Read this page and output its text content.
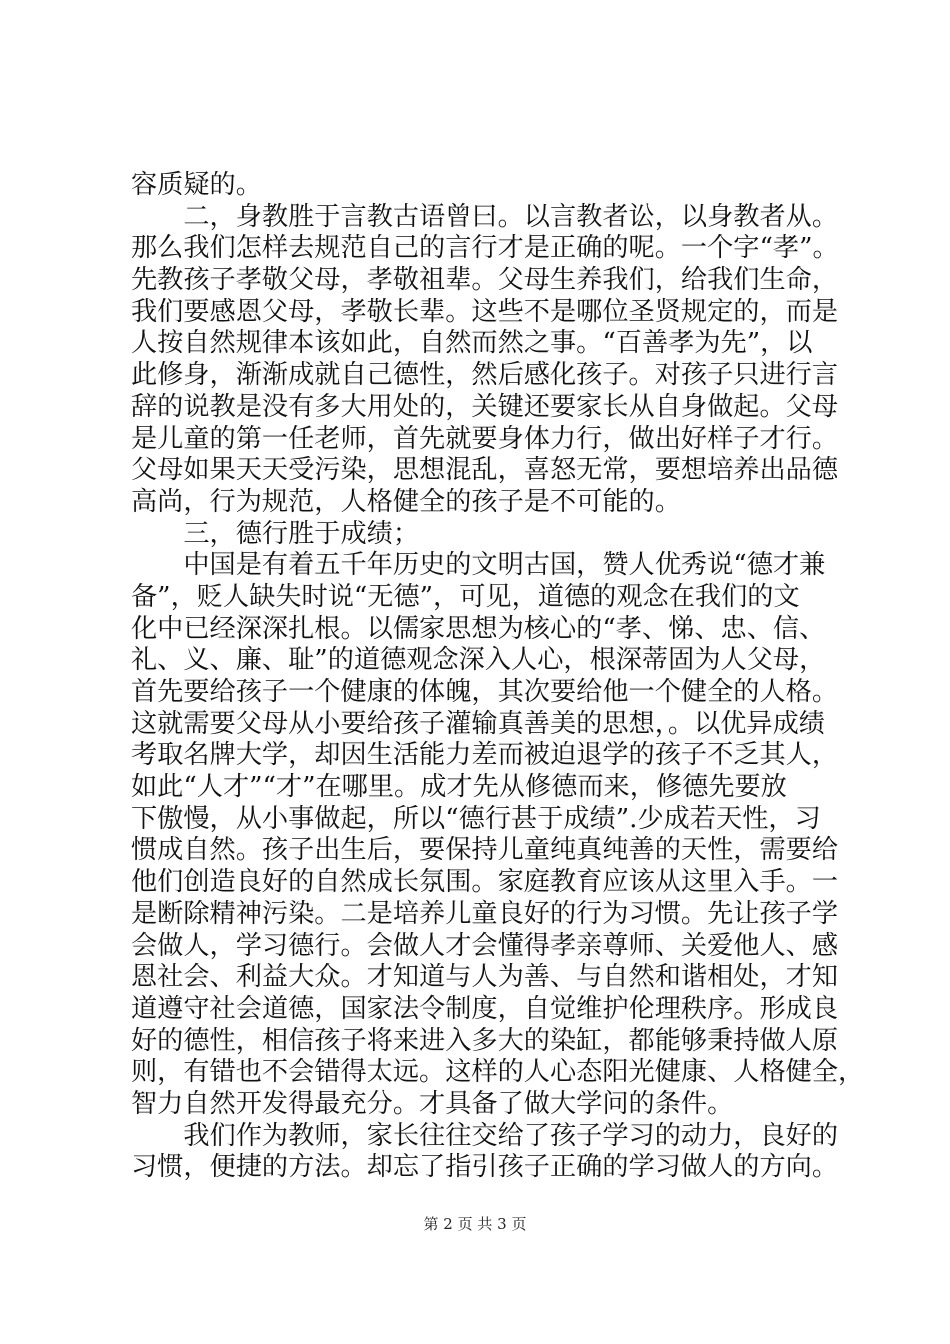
容质疑的。
　　二，身教胜于言教古语曾曰。以言教者讼，以身教者从。
那么我们怎样去规范自己的言行才是正确的呢。一个字“孝”。
先教孩子孝敬父母，孝敬祖辈。父母生养我们，给我们生命，
我们要感恩父母，孝敬长辈。这些不是哪位圣贤规定的，而是
人按自然规律本该如此，自然而然之事。“百善孝为先”，以
此修身，渐渐成就自己德性，然后感化孩子。对孩子只进行言
辞的说教是没有多大用处的，关键还要家长从自身做起。父母
是儿童的第一任老师，首先就要身体力行，做出好样子才行。
父母如果天天受污染，思想混乱，喜怒无常，要想培养出品德
高尚，行为规范，人格健全的孩子是不可能的。
　　三，德行胜于成绩；
　　中国是有着五千年历史的文明古国，赞人优秀说“德才兼
备”，贬人缺失时说“无德”，可见，道德的观念在我们的文
化中已经深深扎根。以儒家思想为核心的“孝、悌、忠、信、
礼、义、廉、耻”的道德观念深入人心，根深蒂固为人父母，
首先要给孩子一个健康的体魄，其次要给他一个健全的人格。
这就需要父母从小要给孩子灌输真善美的思想，。以优异成绩
考取名牌大学，却因生活能力差而被迫退学的孩子不乏其人，
如此“人才”“才”在哪里。成才先从修德而来，修德先要放
下傲慢，从小事做起，所以“德行甚于成绩”.少成若天性，习
惯成自然。孩子出生后，要保持儿童纯真纯善的天性，需要给
他们创造良好的自然成长氛围。家庭教育应该从这里入手。一
是断除精神污染。二是培养儿童良好的行为习惯。先让孩子学
会做人，学习德行。会做人才会懂得孝亲尊师、关爱他人、感
恩社会、利益大众。才知道与人为善、与自然和谐相处，才知
道遵守社会道德，国家法令制度，自觉维护伦理秩序。形成良
好的德性，相信孩子将来进入多大的染缸，都能够秉持做人原
则，有错也不会错得太远。这样的人心态阳光健康、人格健全，
智力自然开发得最充分。才具备了做大学问的条件。
　　我们作为教师，家长往往交给了孩子学习的动力，良好的
习惯，便捷的方法。却忘了指引孩子正确的学习做人的方向。
第 2 页 共 3 页
